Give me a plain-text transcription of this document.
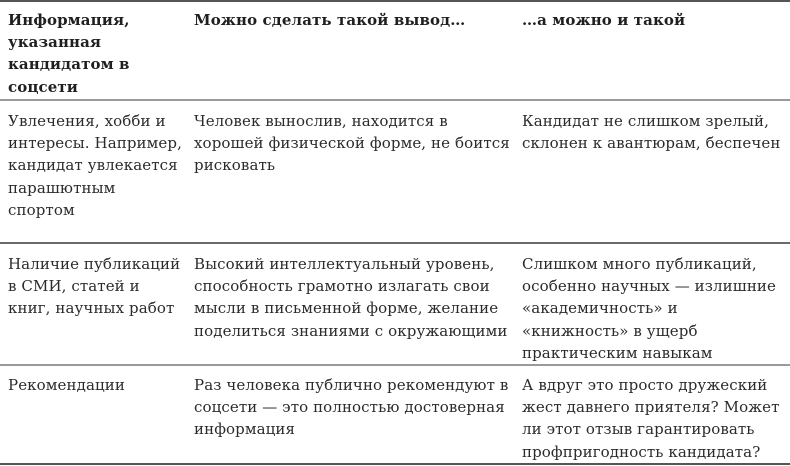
Информация, указанная кандидатом в соцсети
Можно сделать такой вывод…	…а можно и такой
Увлечения, хобби и интересы. Например, кандидат увлекается парашютным спортом
Человек вынослив, находится в хорошей физической форме, не боится рисковать
Кандидат не слишком зрелый, склонен к авантюрам, беспечен
Наличие публикаций в СМИ, статей и книг, научных работ
Высокий интеллектуальный уровень, способность грамотно излагать свои мысли в письменной форме, желание поделиться знаниями с окружающими
Слишком много публикаций, особенно научных — излишние «академичность» и «книжность» в ущерб практическим навыкам
Рекомендации	Раз человека публично рекомендуют в соцсети — это полностью достоверная информация
А вдруг это просто дружеский жест давнего приятеля? Может ли этот отзыв гарантировать профпригодность кандидата?
